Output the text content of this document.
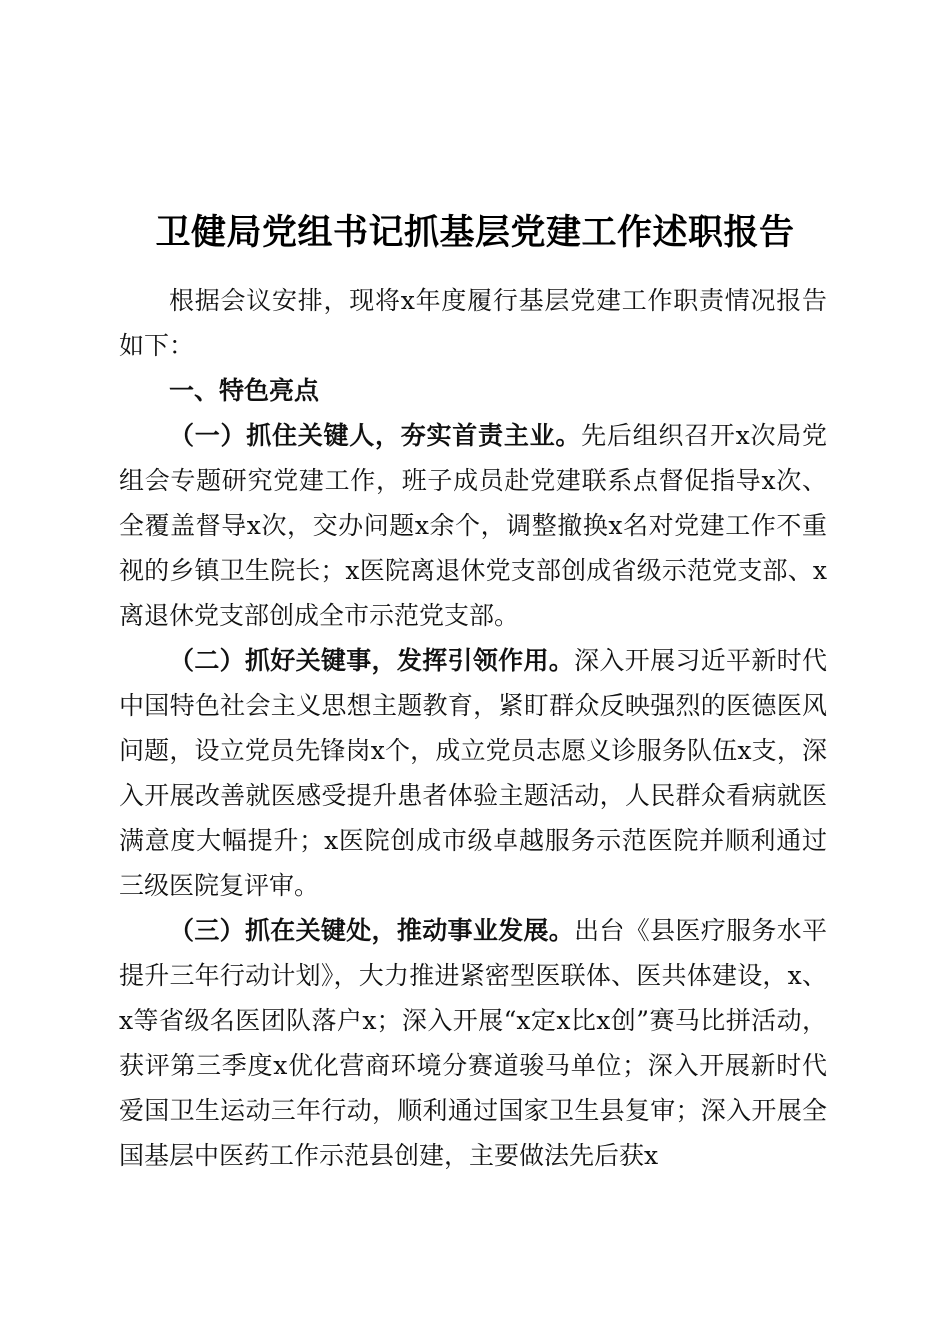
卫健局党组书记抓基层党建工作述职报告

根据会议安排，现将x年度履行基层党建工作职责情况报告如下：

一、特色亮点

（一）抓住关键人，夯实首责主业。先后组织召开x次局党组会专题研究党建工作，班子成员赴党建联系点督促指导x次、全覆盖督导x次，交办问题x余个，调整撤换x名对党建工作不重视的乡镇卫生院长；x医院离退休党支部创成省级示范党支部、x离退休党支部创成全市示范党支部。

（二）抓好关键事，发挥引领作用。深入开展习近平新时代中国特色社会主义思想主题教育，紧盯群众反映强烈的医德医风问题，设立党员先锋岗x个，成立党员志愿义诊服务队伍x支，深入开展改善就医感受提升患者体验主题活动，人民群众看病就医满意度大幅提升；x医院创成市级卓越服务示范医院并顺利通过三级医院复评审。

（三）抓在关键处，推动事业发展。出台《县医疗服务水平提升三年行动计划》，大力推进紧密型医联体、医共体建设，x、x等省级名医团队落户x；深入开展“x定x比x创”赛马比拼活动，获评第三季度x优化营商环境分赛道骏马单位；深入开展新时代爱国卫生运动三年行动，顺利通过国家卫生县复审；深入开展全国基层中医药工作示范县创建，主要做法先后获x
